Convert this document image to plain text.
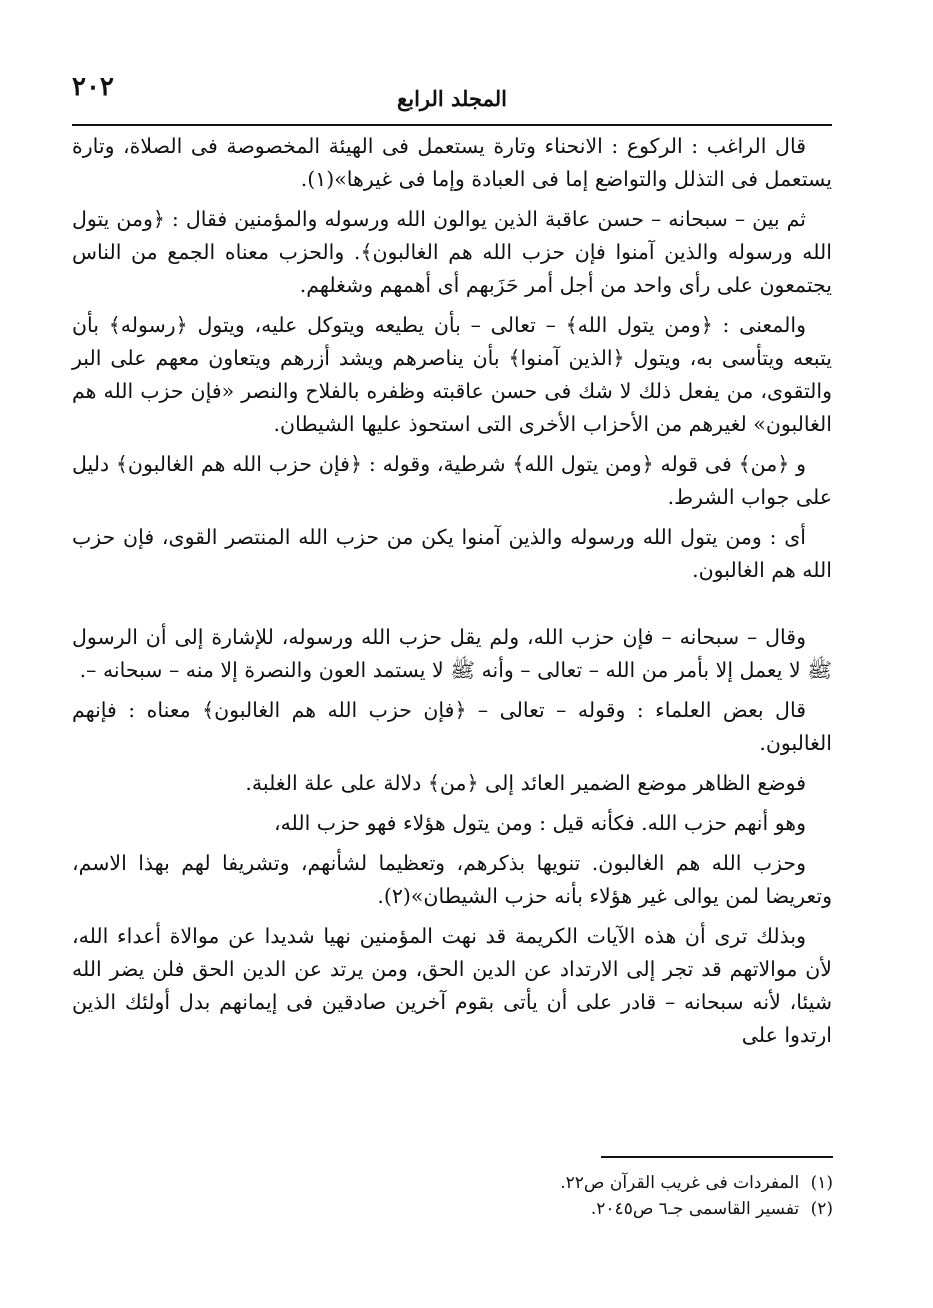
٢٠٢	المجلد الرابع

قال الراغب : الركوع : الانحناء وتارة يستعمل فى الهيئة المخصوصة فى الصلاة، وتارة يستعمل فى التذلل والتواضع إما فى العبادة وإما فى غيرها»(١).

ثم بين – سبحانه – حسن عاقبة الذين يوالون الله ورسوله والمؤمنين فقال : ﴿ومن يتول الله ورسوله والذين آمنوا فإن حزب الله هم الغالبون﴾. والحزب معناه الجمع من الناس يجتمعون على رأى واحد من أجل أمر حَزَبهم أى أهمهم وشغلهم.

والمعنى : ﴿ومن يتول الله﴾ – تعالى – بأن يطيعه ويتوكل عليه، ويتول ﴿رسوله﴾ بأن يتبعه ويتأسى به، ويتول ﴿الذين آمنوا﴾ بأن يناصرهم ويشد أزرهم ويتعاون معهم على البر والتقوى، من يفعل ذلك لا شك فى حسن عاقبته وظفره بالفلاح والنصر «فإن حزب الله هم الغالبون» لغيرهم من الأحزاب الأخرى التى استحوذ عليها الشيطان.

و ﴿من﴾ فى قوله ﴿ومن يتول الله﴾ شرطية، وقوله : ﴿فإن حزب الله هم الغالبون﴾ دليل على جواب الشرط.

أى : ومن يتول الله ورسوله والذين آمنوا يكن من حزب الله المنتصر القوى، فإن حزب الله هم الغالبون.

وقال – سبحانه – فإن حزب الله، ولم يقل حزب الله ورسوله، للإشارة إلى أن الرسول ﷺ لا يعمل إلا بأمر من الله – تعالى – وأنه ﷺ لا يستمد العون والنصرة إلا منه – سبحانه –.

قال بعض العلماء : وقوله – تعالى – ﴿فإن حزب الله هم الغالبون﴾ معناه : فإنهم الغالبون.

فوضع الظاهر موضع الضمير العائد إلى ﴿من﴾ دلالة على علة الغلبة.

وهو أنهم حزب الله. فكأنه قيل : ومن يتول هؤلاء فهو حزب الله،

وحزب الله هم الغالبون. تنويها بذكرهم، وتعظيما لشأنهم، وتشريفا لهم بهذا الاسم، وتعريضا لمن يوالى غير هؤلاء بأنه حزب الشيطان»(٢).

وبذلك ترى أن هذه الآيات الكريمة قد نهت المؤمنين نهيا شديدا عن موالاة أعداء الله، لأن موالاتهم قد تجر إلى الارتداد عن الدين الحق، ومن يرتد عن الدين الحق فلن يضر الله شيئا، لأنه سبحانه – قادر على أن يأتى بقوم آخرين صادقين فى إيمانهم بدل أولئك الذين ارتدوا على

(١) المفردات فى غريب القرآن ص٢٢.

(٢) تفسير القاسمى جـ٦ ص٢٠٤٥.
